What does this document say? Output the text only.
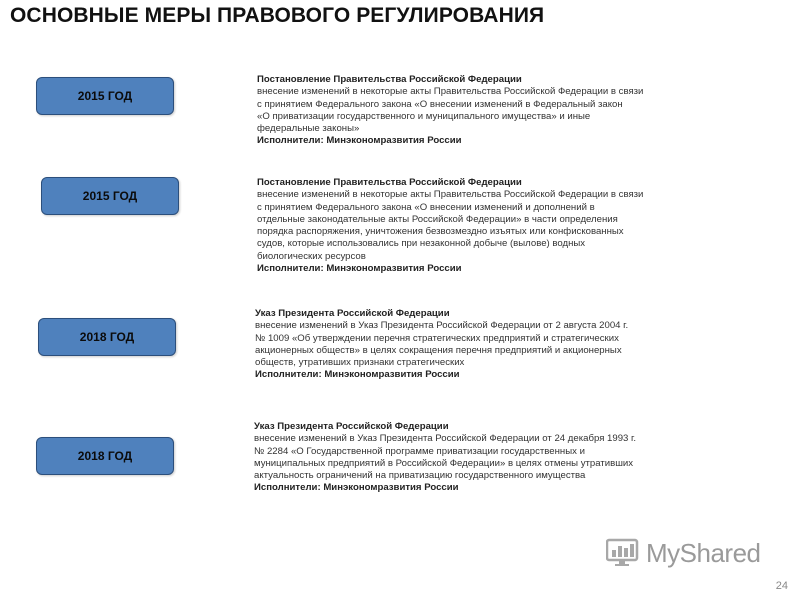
ОСНОВНЫЕ МЕРЫ ПРАВОВОГО РЕГУЛИРОВАНИЯ
2015 ГОД
Постановление Правительства Российской Федерации
внесение изменений в некоторые акты Правительства Российской Федерации в связи
с принятием Федерального закона «О внесении изменений в Федеральный закон
«О приватизации государственного и муниципального имущества» и иные
федеральные законы»
Исполнители: Минэкономразвития России
2015 ГОД
Постановление Правительства Российской Федерации
внесение изменений в некоторые акты Правительства Российской Федерации в связи
с принятием Федерального закона «О внесении изменений и дополнений в
отдельные законодательные акты Российской Федерации» в части определения
порядка распоряжения, уничтожения безвозмездно изъятых или конфискованных
судов, которые использовались при незаконной добыче (вылове) водных
биологических ресурсов
Исполнители: Минэкономразвития России
2018 ГОД
Указ Президента Российской Федерации
внесение изменений в Указ Президента Российской Федерации от 2 августа 2004 г.
№ 1009 «Об утверждении перечня стратегических предприятий и стратегических
акционерных обществ» в целях сокращения перечня предприятий и акционерных
обществ, утративших признаки стратегических
Исполнители: Минэкономразвития России
2018 ГОД
Указ Президента Российской Федерации
внесение изменений в Указ Президента Российской Федерации от 24 декабря 1993 г.
№ 2284 «О Государственной программе приватизации государственных и
муниципальных предприятий в Российской Федерации» в целях отмены утративших
актуальность ограничений на приватизацию государственного имущества
Исполнители: Минэкономразвития России
MyShared
24
